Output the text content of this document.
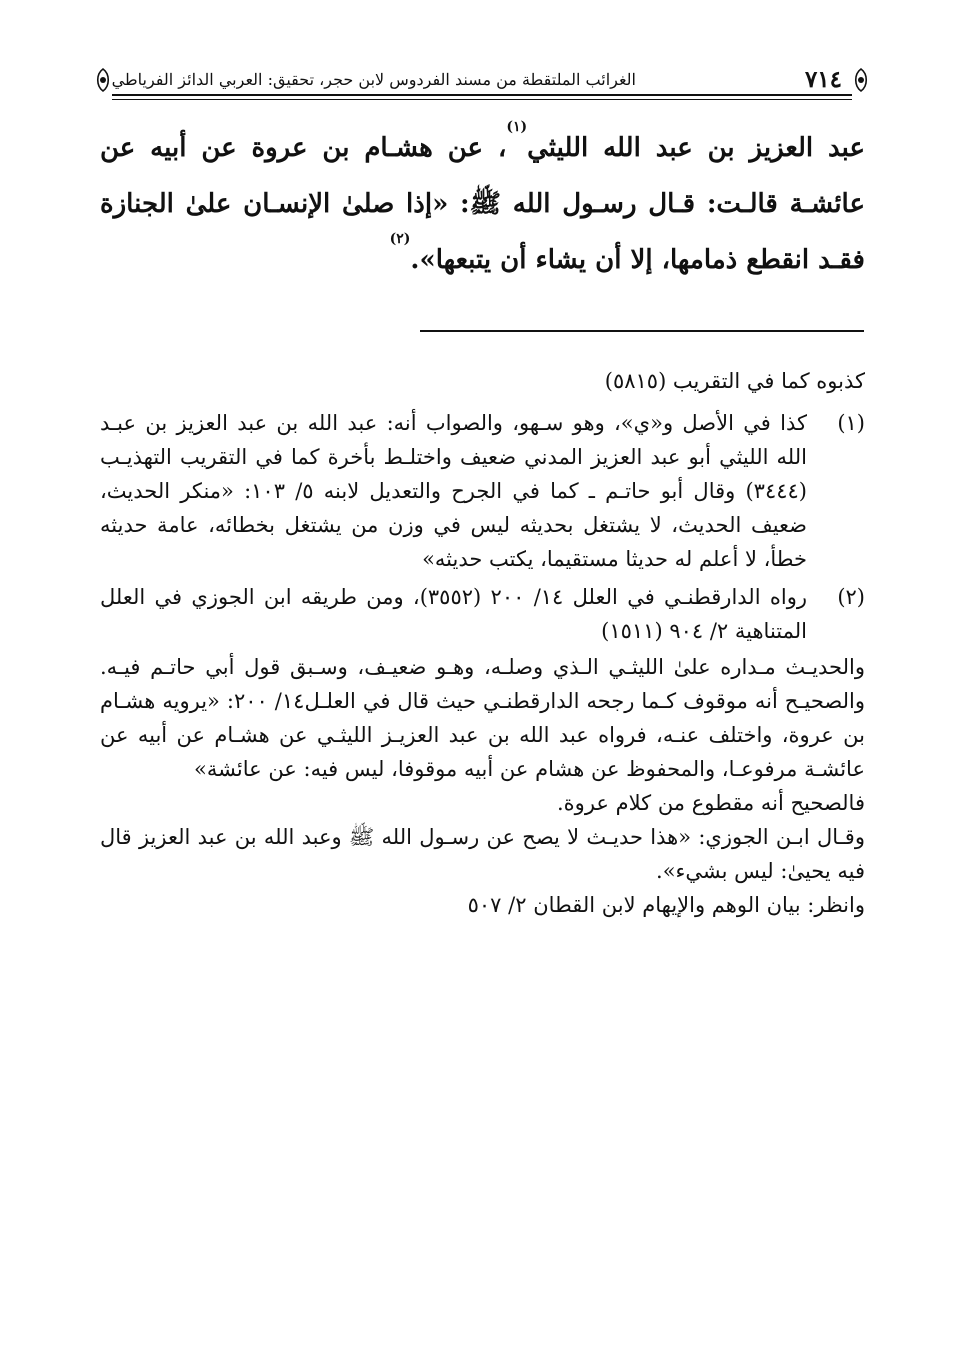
٧١٤
الغرائب الملتقطة من مسند الفردوس لابن حجر، تحقيق: العربي الدائز الفرياطي

عبد العزيز بن عبد الله الليثي$^{(١)}$، عن هشـام بن عروة عن أبيه عن عائشـة قالـت: قـال رسـول الله ﷺ: «إذا صلىٰ الإنسـان علىٰ الجنازة فقـد انقطع ذمامها، إلا أن يشاء أن يتبعها».$^{(٢)}$

كذبوه كما في التقريب (٥٨١٥)

(١)
كذا في الأصل و«ي»، وهو سـهو، والصواب أنه: عبد الله بن عبد العزيز بن عبـد الله الليثي أبو عبد العزيز المدني ضعيف واختلـط بأخرة كما في التقريب التهذيـب (٣٤٤٤) وقال أبو حاتـم ـ كما في الجرح والتعديل لابنه ٥/ ١٠٣: «منكر الحديث، ضعيف الحديث، لا يشتغل بحديثه ليس في وزن من يشتغل بخطائه، عامة حديثه خطأ، لا أعلم له حديثا مستقيما، يكتب حديثه»

(٢)
رواه الدارقطنـي في العلل ١٤/ ٢٠٠ (٣٥٥٢)، ومن طريقه ابن الجوزي في العلل المتناهية ٢/ ٩٠٤ (١٥١١)

والحديـث مـداره علىٰ الليثـي الـذي وصلـه، وهـو ضعيـف، وسـبق قول أبي حاتـم فيـه. والصحيـح أنه موقوف كـما رجحه الدارقطنـي حيث قال في العلـل١٤/ ٢٠٠: «يرويه هشـام بن عروة، واختلف عنـه، فرواه عبد الله بن عبد العزيـز الليثـي عن هشـام عن أبيه عن عائشـة مرفوعـا، والمحفوظ عن هشام عن أبيه موقوفا، ليس فيه: عن عائشة»

فالصحيح أنه مقطوع من كلام عروة.

وقـال ابـن الجوزي: «هذا حديـث لا يصح عن رسـول الله ﷺ وعبد الله بن عبد العزيز قال فيه يحيىٰ: ليس بشيء».

وانظر: بيان الوهم والإيهام لابن القطان ٢/ ٥٠٧
